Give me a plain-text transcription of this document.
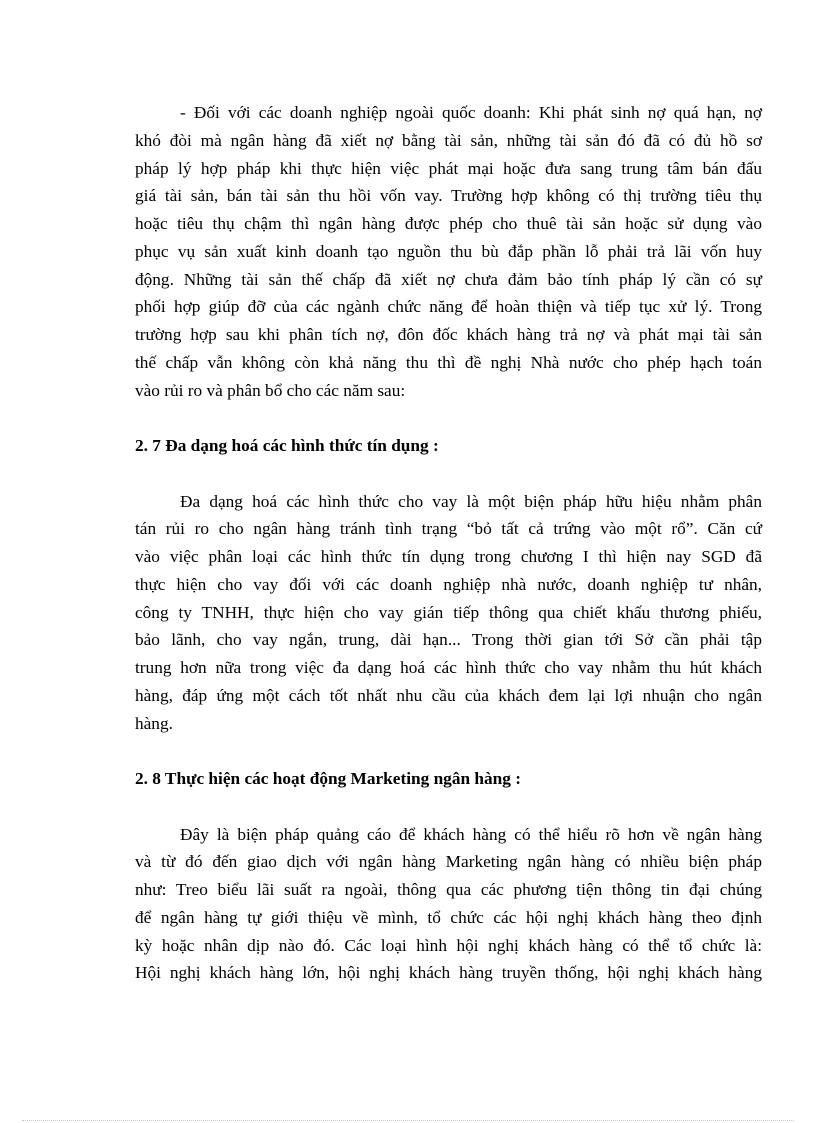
- Đối với các doanh nghiệp ngoài quốc doanh: Khi phát sinh nợ quá hạn, nợ
khó đòi mà ngân hàng đã xiết nợ bằng tài sản, những tài sản đó đã có đủ hồ sơ
pháp lý hợp pháp khi thực hiện việc phát mại hoặc đưa sang trung tâm bán đấu
giá tài sản, bán tài sản thu hồi vốn vay. Trường hợp không có thị trường tiêu thụ
hoặc tiêu thụ chậm thì ngân hàng được phép cho thuê tài sản hoặc sử dụng vào
phục vụ sản xuất kinh doanh tạo nguồn thu bù đắp phần lỗ phải trả lãi vốn huy
động. Những tài sản thế chấp đã xiết nợ chưa đảm bảo tính pháp lý cần có sự
phối hợp giúp đỡ của các ngành chức năng để hoàn thiện và tiếp tục xử lý. Trong
trường hợp sau khi phân tích nợ, đôn đốc khách hàng trả nợ và phát mại tài sản
thế chấp vẫn không còn khả năng thu thì đề nghị Nhà nước cho phép hạch toán
vào rủi ro và phân bổ cho các năm sau:
2. 7 Đa dạng hoá các hình thức tín dụng :
Đa dạng hoá các hình thức cho vay là một biện pháp hữu hiệu nhằm phân
tán rủi ro cho ngân hàng tránh tình trạng “bỏ tất cả trứng vào một rổ”. Căn cứ
vào việc phân loại các hình thức tín dụng trong chương I thì hiện nay SGD đã
thực hiện cho vay đối với các doanh nghiệp nhà nước, doanh nghiệp tư nhân,
công ty TNHH, thực hiện cho vay gián tiếp thông qua chiết khấu thương phiếu,
bảo lãnh, cho vay ngắn, trung, dài hạn... Trong thời gian tới Sở cần phải tập
trung hơn nữa trong việc đa dạng hoá các hình thức cho vay nhằm thu hút khách
hàng, đáp ứng một cách tốt nhất nhu cầu của khách đem lại lợi nhuận cho ngân
hàng.
2. 8 Thực hiện các hoạt động Marketing ngân hàng :
Đây là biện pháp quảng cáo để khách hàng có thể hiểu rõ hơn về ngân hàng
và từ đó đến giao dịch với ngân hàng Marketing ngân hàng có nhiều biện pháp
như: Treo biểu lãi suất ra ngoài, thông qua các phương tiện thông tin đại chúng
để ngân hàng tự giới thiệu về mình, tổ chức các hội nghị khách hàng theo định
kỳ hoặc nhân dịp nào đó. Các loại hình hội nghị khách hàng có thể tổ chức là:
Hội nghị khách hàng lớn, hội nghị khách hàng truyền thống, hội nghị khách hàng
